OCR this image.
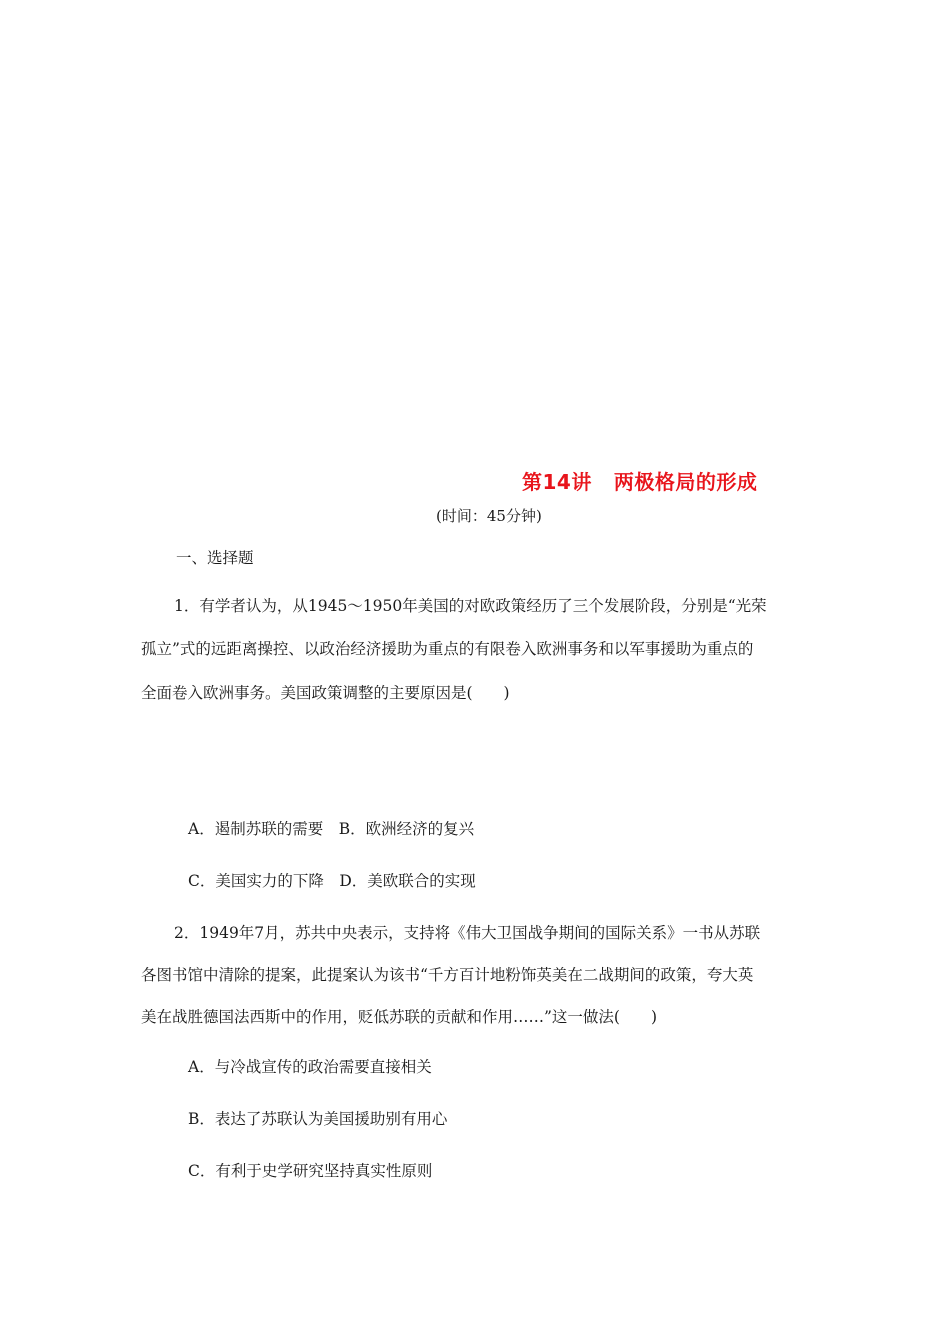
第14讲 两极格局的形成
(时间：45分钟)
一、选择题
1．有学者认为，从1945～1950年美国的对欧政策经历了三个发展阶段，分别是“光荣
孤立”式的远距离操控、以政治经济援助为重点的有限卷入欧洲事务和以军事援助为重点的
全面卷入欧洲事务。美国政策调整的主要原因是(　　)
A．遏制苏联的需要　B．欧洲经济的复兴
C．美国实力的下降　D．美欧联合的实现
2．1949年7月，苏共中央表示，支持将《伟大卫国战争期间的国际关系》一书从苏联
各图书馆中清除的提案，此提案认为该书“千方百计地粉饰英美在二战期间的政策，夸大英
美在战胜德国法西斯中的作用，贬低苏联的贡献和作用……”这一做法(　　)
A．与冷战宣传的政治需要直接相关
B．表达了苏联认为美国援助别有用心
C．有利于史学研究坚持真实性原则
